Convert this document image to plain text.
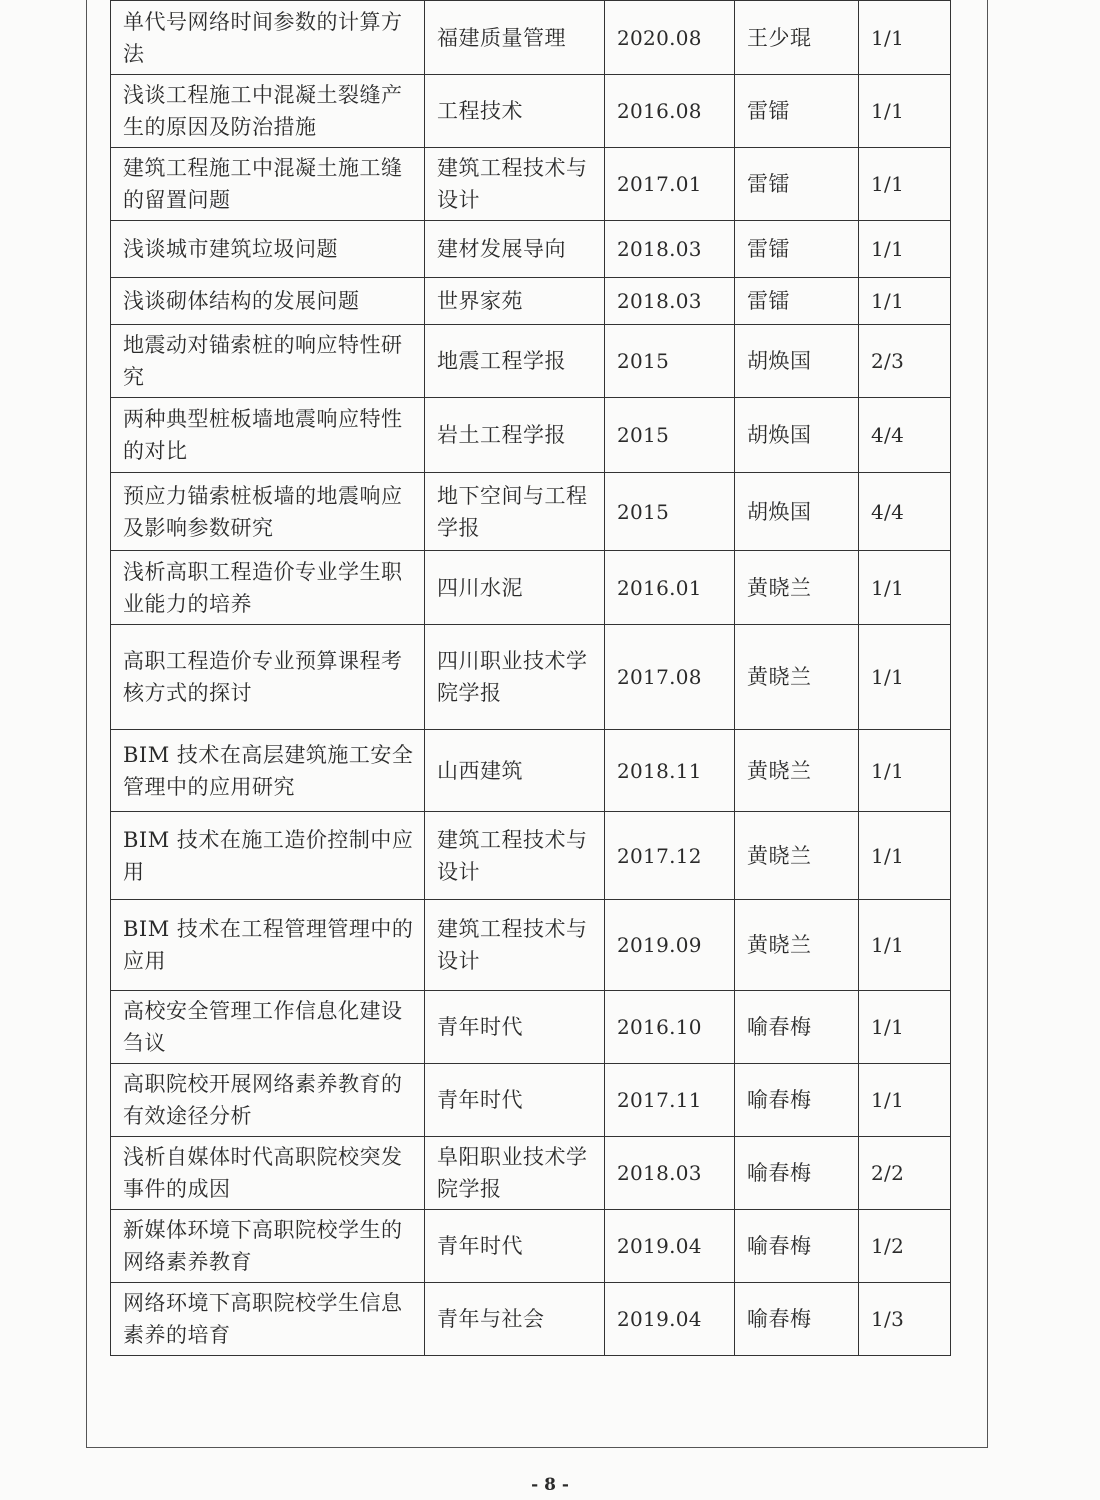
单代号网络时间参数的计算方法	福建质量管理	2020.08	王少琨	1/1
浅谈工程施工中混凝土裂缝产生的原因及防治措施	工程技术	2016.08	雷镭	1/1
建筑工程施工中混凝土施工缝的留置问题	建筑工程技术与设计	2017.01	雷镭	1/1
浅谈城市建筑垃圾问题	建材发展导向	2018.03	雷镭	1/1
浅谈砌体结构的发展问题	世界家苑	2018.03	雷镭	1/1
地震动对锚索桩的响应特性研究	地震工程学报	2015	胡焕国	2/3
两种典型桩板墙地震响应特性的对比	岩土工程学报	2015	胡焕国	4/4
预应力锚索桩板墙的地震响应及影响参数研究	地下空间与工程学报	2015	胡焕国	4/4
浅析高职工程造价专业学生职业能力的培养	四川水泥	2016.01	黄晓兰	1/1
高职工程造价专业预算课程考核方式的探讨	四川职业技术学院学报	2017.08	黄晓兰	1/1
BIM 技术在高层建筑施工安全管理中的应用研究	山西建筑	2018.11	黄晓兰	1/1
BIM 技术在施工造价控制中应用	建筑工程技术与设计	2017.12	黄晓兰	1/1
BIM 技术在工程管理管理中的应用	建筑工程技术与设计	2019.09	黄晓兰	1/1
高校安全管理工作信息化建设刍议	青年时代	2016.10	喻春梅	1/1
高职院校开展网络素养教育的有效途径分析	青年时代	2017.11	喻春梅	1/1
浅析自媒体时代高职院校突发事件的成因	阜阳职业技术学院学报	2018.03	喻春梅	2/2
新媒体环境下高职院校学生的网络素养教育	青年时代	2019.04	喻春梅	1/2
网络环境下高职院校学生信息素养的培育	青年与社会	2019.04	喻春梅	1/3
- 8 -
